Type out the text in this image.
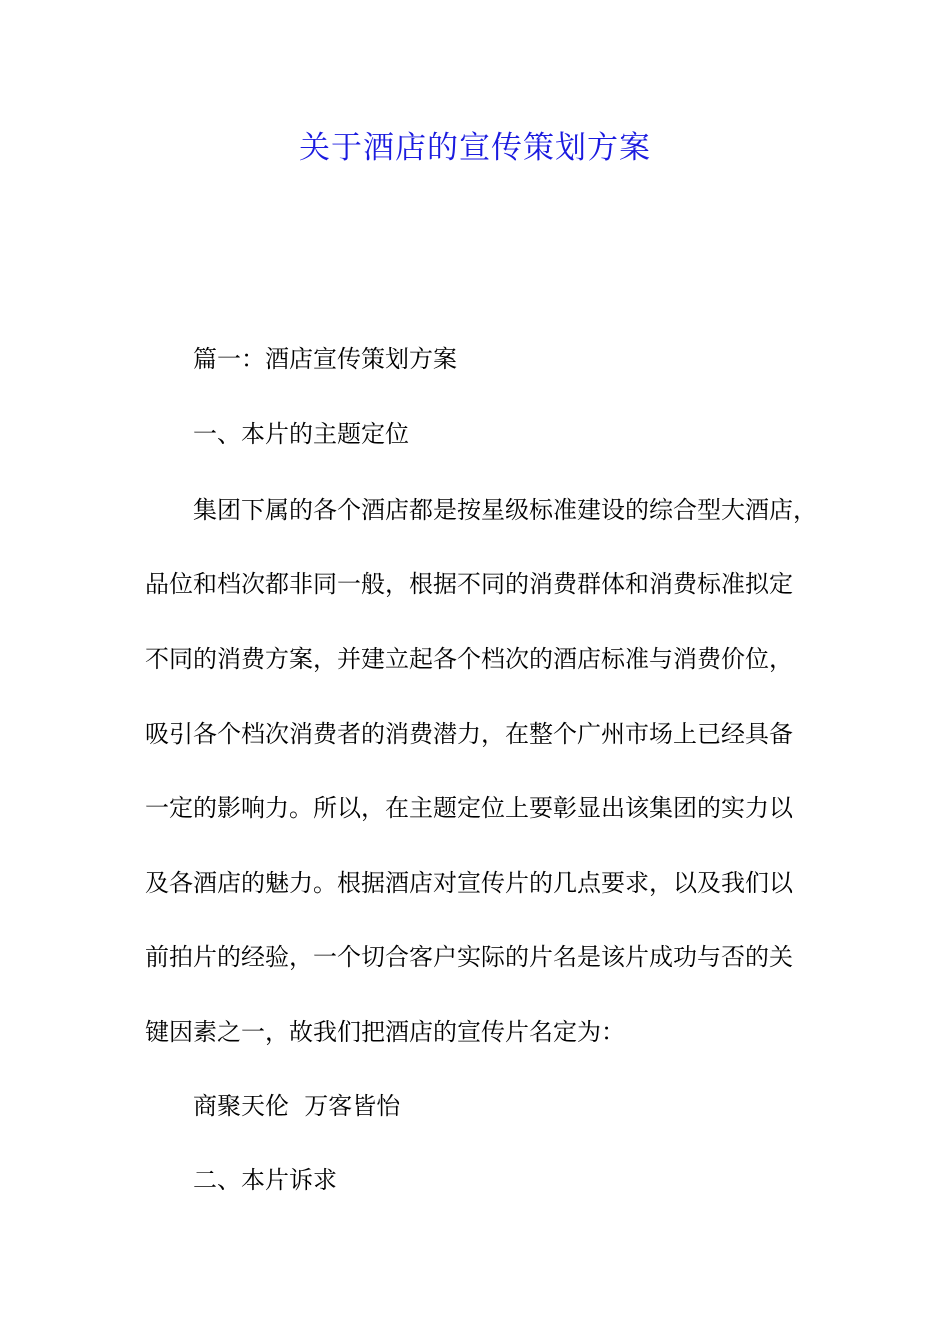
关于酒店的宣传策划方案

篇一：酒店宣传策划方案

一、本片的主题定位

集团下属的各个酒店都是按星级标准建设的综合型大酒店，

品位和档次都非同一般，根据不同的消费群体和消费标准拟定

不同的消费方案，并建立起各个档次的酒店标准与消费价位，

吸引各个档次消费者的消费潜力，在整个广州市场上已经具备

一定的影响力。所以，在主题定位上要彰显出该集团的实力以

及各酒店的魅力。根据酒店对宣传片的几点要求，以及我们以

前拍片的经验，一个切合客户实际的片名是该片成功与否的关

键因素之一，故我们把酒店的宣传片名定为：

商聚天伦  万客皆怡

二、本片诉求
